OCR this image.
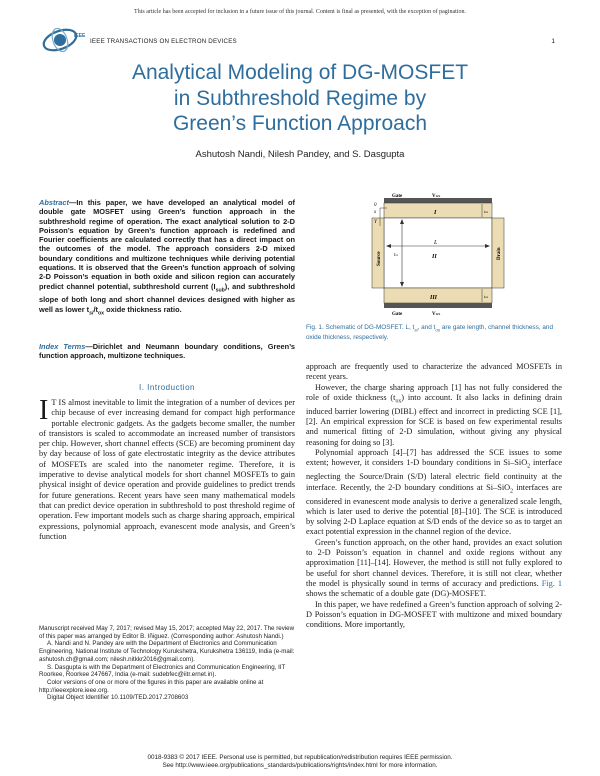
This article has been accepted for inclusion in a future issue of this journal. Content is final as presented, with the exception of pagination.
IEEE
IEEE TRANSACTIONS ON ELECTRON DEVICES	1
Analytical Modeling of DG-MOSFET
in Subthreshold Regime by
Green’s Function Approach
Ashutosh Nandi, Nilesh Pandey, and S. Dasgupta
Abstract—In this paper, we have developed an analytical model of double gate MOSFET using Green’s function approach in the subthreshold regime of operation. The exact analytical solution to 2-D Poisson’s equation by Green’s function approach is redefined and Fourier coefficients are calculated correctly that has a direct impact on the outcomes of the model. The approach considers 2-D mixed boundary conditions and multizone techniques while deriving potential equations. It is observed that the Green’s function approach of solving 2-D Poisson’s equation in both oxide and silicon region can accurately predict channel potential, subthreshold current $(I_{sub})$, and subthreshold slope of both long and short channel devices designed with higher as well as lower $t_{si}/t_{ox}$ oxide thickness ratio.
Index Terms—Dirichlet and Neumann boundary conditions, Green’s function approach, multizone techniques.
I. Introduction
I T IS almost inevitable to limit the integration of a number of devices per chip because of ever increasing demand for compact high performance portable electronic gadgets. As the gadgets become smaller, the number of transistors is scaled to accommodate an increased number of transistors per chip. However, short channel effects (SCE) are becoming prominent day by day because of loss of gate electrostatic integrity as the device attributes of MOSFETs are scaled into the nanometer regime. Therefore, it is imperative to devise analytical models for short channel MOSFETs to gain physical insight of device operation and provide guidelines to predict trends for future generations. Recent years have seen many mathematical models that can predict device operation in subthreshold to post threshold regime of operation. Few important models such as charge sharing approach, empirical expressions, polynomial approach, evanescent mode analysis, and Green’s function

Manuscript received May 7, 2017; revised May 15, 2017; accepted May 22, 2017. The review of this paper was arranged by Editor B. Iñiguez. (Corresponding author: Ashutosh Nandi.)

A. Nandi and N. Pandey are with the Department of Electronics and Communication Engineering, National Institute of Technology Kurukshetra, Kurukshetra 136119, India (e-mail: ashutosh.ch@gmail.com; nilesh.nitkkr2016@gmail.com).

S. Dasgupta is with the Department of Electronics and Communication Engineering, IIT Roorkee, Roorkee 247667, India (e-mail: sudebfec@iitr.ernet.in).

Color versions of one or more of the figures in this paper are available online at http://ieeexplore.ieee.org.

Digital Object Identifier 10.1109/TED.2017.2708603

Gate	VGS
Gate	VGS
Source	Drain
I
II
III
L
tsi
tox
tox
0
x
Y
Fig. 1. Schematic of DG-MOSFET. L, $t_{si}$, and $t_{ox}$ are gate length, channel thickness, and oxide thickness, respectively.

approach are frequently used to characterize the advanced MOSFETs in recent years.

However, the charge sharing approach [1] has not fully considered the role of oxide thickness $(t_{ox})$ into account. It also lacks in defining drain induced barrier lowering (DIBL) effect and incorrect in predicting SCE [1], [2]. An empirical expression for SCE is based on few experimental results and numerical fitting of 2-D simulation, without giving any physical reasoning for doing so [3].

Polynomial approach [4]–[7] has addressed the SCE issues to some extent; however, it considers 1-D boundary conditions in Si–SiO$_2$ interface neglecting the Source/Drain (S/D) lateral electric field continuity at the interface. Recently, the 2-D boundary conditions at Si–SiO$_2$ interfaces are considered in evanescent mode analysis to derive a generalized scale length, which is later used to derive the potential [8]–[10]. The SCE is introduced by solving 2-D Laplace equation at S/D ends of the device so as to target an exact potential expression in the channel region of the device.

Green’s function approach, on the other hand, provides an exact solution to 2-D Poisson’s equation in channel and oxide regions without any approximation [11]–[14]. However, the method is still not fully explored to be useful for short channel devices. Therefore, it is still not clear, whether the model is physically sound in terms of accuracy and predictions. Fig. 1 shows the schematic of a double gate (DG)-MOSFET.

In this paper, we have redefined a Green’s function approach of solving 2-D Poisson’s equation in DG-MOSFET with multizone and mixed boundary conditions. More importantly,

0018-9383 © 2017 IEEE. Personal use is permitted, but republication/redistribution requires IEEE permission.
See http://www.ieee.org/publications_standards/publications/rights/index.html for more information.
